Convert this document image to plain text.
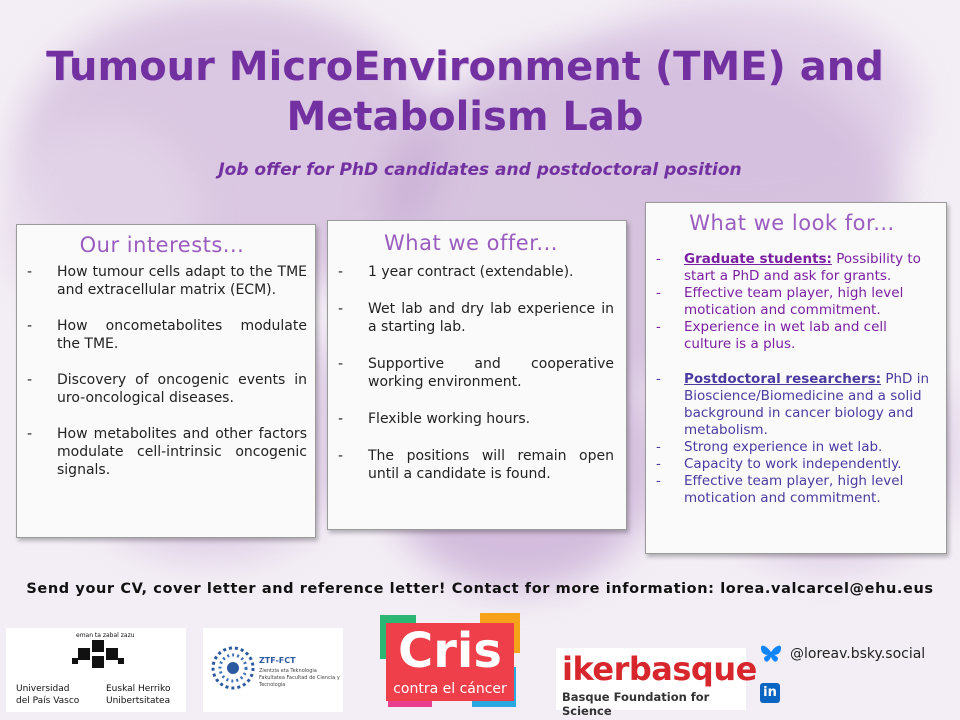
Tumour MicroEnvironment (TME) and
Metabolism Lab
Job offer for PhD candidates and postdoctoral position
Our interests...
- How tumour cells adapt to the TME and extracellular matrix (ECM).
- How oncometabolites modulate the TME.
- Discovery of oncogenic events in uro-oncological diseases.
- How metabolites and other factors modulate cell-intrinsic oncogenic signals.
What we offer...
- 1 year contract (extendable).
- Wet lab and dry lab experience in a starting lab.
- Supportive and cooperative working environment.
- Flexible working hours.
- The positions will remain open until a candidate is found.
What we look for...
- Graduate students: Possibility to start a PhD and ask for grants.
- Effective team player, high level motication and commitment.
- Experience in wet lab and cell culture is a plus.
- Postdoctoral researchers: PhD in Bioscience/Biomedicine and a solid background in cancer biology and metabolism.
- Strong experience in wet lab.
- Capacity to work independently.
- Effective team player, high level motication and commitment.
Send your CV, cover letter and reference letter! Contact for more information: lorea.valcarcel@ehu.eus
eman ta zabal zazu
Universidad
del País Vasco
Euskal Herriko
Unibertsitatea
ZTF-FCT
Zientzia eta Teknologia Fakultatea Facultad de Ciencia y Tecnología
Cris
contra el cáncer
ikerbasque
Basque Foundation for Science
@loreav.bsky.social
in
